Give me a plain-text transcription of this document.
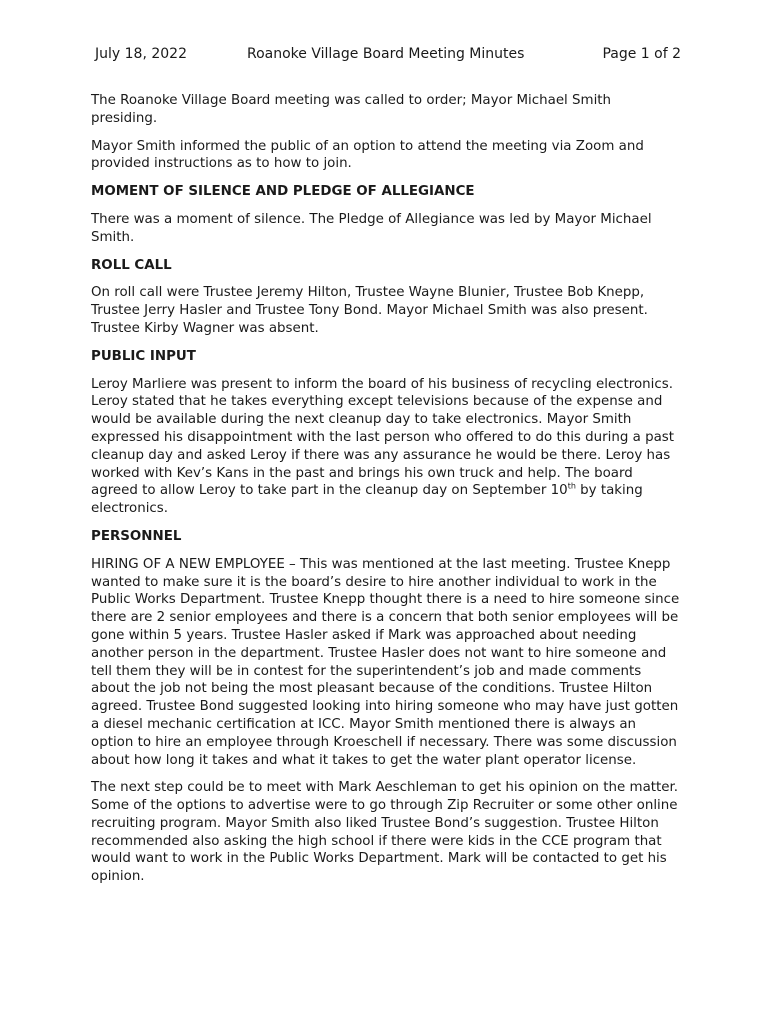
July 18, 2022	Roanoke Village Board Meeting Minutes	Page 1 of 2

The Roanoke Village Board meeting was called to order; Mayor Michael Smith presiding.

Mayor Smith informed the public of an option to attend the meeting via Zoom and provided instructions as to how to join.

MOMENT OF SILENCE AND PLEDGE OF ALLEGIANCE

There was a moment of silence. The Pledge of Allegiance was led by Mayor Michael Smith.

ROLL CALL

On roll call were Trustee Jeremy Hilton, Trustee Wayne Blunier, Trustee Bob Knepp, Trustee Jerry Hasler and Trustee Tony Bond. Mayor Michael Smith was also present. Trustee Kirby Wagner was absent.

PUBLIC INPUT

Leroy Marliere was present to inform the board of his business of recycling electronics. Leroy stated that he takes everything except televisions because of the expense and would be available during the next cleanup day to take electronics. Mayor Smith expressed his disappointment with the last person who offered to do this during a past cleanup day and asked Leroy if there was any assurance he would be there. Leroy has worked with Kev’s Kans in the past and brings his own truck and help. The board agreed to allow Leroy to take part in the cleanup day on September 10th by taking electronics.

PERSONNEL

HIRING OF A NEW EMPLOYEE – This was mentioned at the last meeting. Trustee Knepp wanted to make sure it is the board’s desire to hire another individual to work in the Public Works Department. Trustee Knepp thought there is a need to hire someone since there are 2 senior employees and there is a concern that both senior employees will be gone within 5 years. Trustee Hasler asked if Mark was approached about needing another person in the department. Trustee Hasler does not want to hire someone and tell them they will be in contest for the superintendent’s job and made comments about the job not being the most pleasant because of the conditions. Trustee Hilton agreed. Trustee Bond suggested looking into hiring someone who may have just gotten a diesel mechanic certification at ICC. Mayor Smith mentioned there is always an option to hire an employee through Kroeschell if necessary. There was some discussion about how long it takes and what it takes to get the water plant operator license.

The next step could be to meet with Mark Aeschleman to get his opinion on the matter. Some of the options to advertise were to go through Zip Recruiter or some other online recruiting program. Mayor Smith also liked Trustee Bond’s suggestion. Trustee Hilton recommended also asking the high school if there were kids in the CCE program that would want to work in the Public Works Department. Mark will be contacted to get his opinion.
